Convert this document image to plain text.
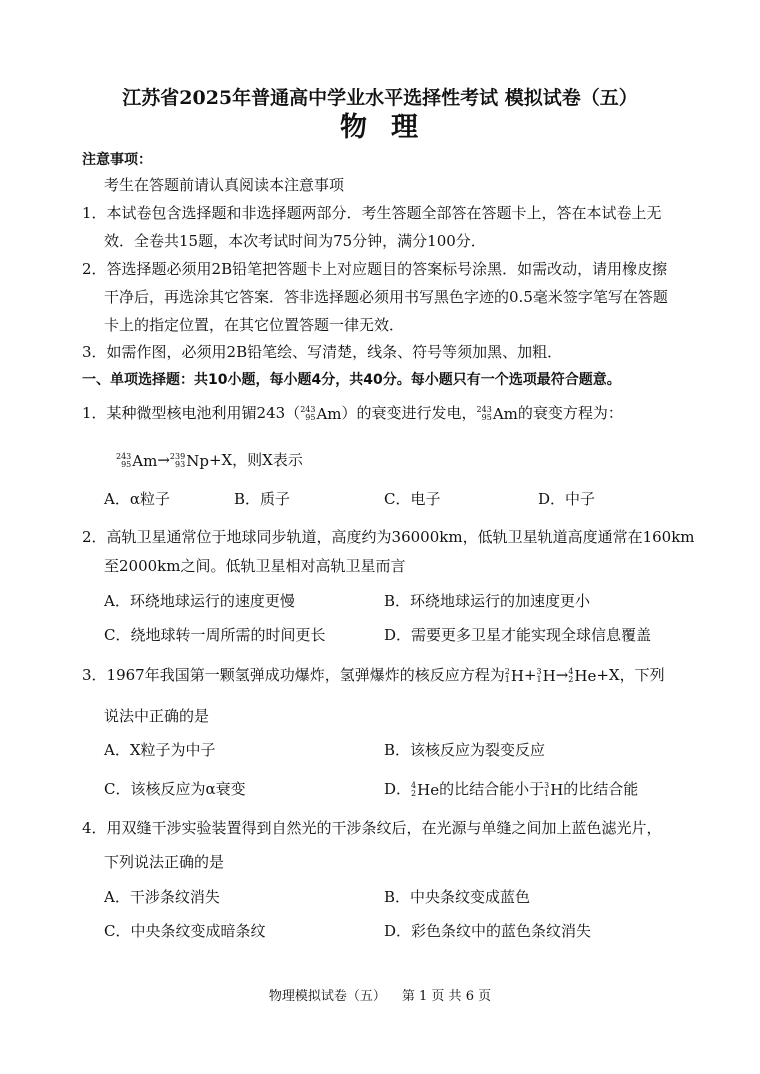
江苏省2025年普通高中学业水平选择性考试 模拟试卷（五）
物 理
注意事项：
考生在答题前请认真阅读本注意事项
1．本试卷包含选择题和非选择题两部分．考生答题全部答在答题卡上，答在本试卷上无
效．全卷共15题，本次考试时间为75分钟，满分100分．
2．答选择题必须用2B铅笔把答题卡上对应题目的答案标号涂黑．如需改动，请用橡皮擦
干净后，再选涂其它答案．答非选择题必须用书写黑色字迹的0.5毫米签字笔写在答题
卡上的指定位置，在其它位置答题一律无效．
3．如需作图，必须用2B铅笔绘、写清楚，线条、符号等须加黑、加粗．
一、单项选择题：共10小题，每小题4分，共40分。每小题只有一个选项最符合题意。
1．某种微型核电池利用镅243（ 243
95 Am ）的衰变进行发电， 243
95 Am 的衰变方程为：
243
95 Am → 239
93 Np +X，则X表示
A．α粒子	B．质子	C．电子	D．中子
2．高轨卫星通常位于地球同步轨道，高度约为36000km，低轨卫星轨道高度通常在160km
至2000km之间。低轨卫星相对高轨卫星而言
A．环绕地球运行的速度更慢	B．环绕地球运行的加速度更小
C．绕地球转一周所需的时间更长	D．需要更多卫星才能实现全球信息覆盖
3．1967年我国第一颗氢弹成功爆炸，氢弹爆炸的核反应方程为 2
1 H + 3
1 H → 4
2 He +X，下列
说法中正确的是
A．X粒子为中子	B．该核反应为裂变反应
C．该核反应为α衰变	D． 4
2 He 的比结合能小于 3
1 H 的比结合能
4．用双缝干涉实验装置得到自然光的干涉条纹后，在光源与单缝之间加上蓝色滤光片，
下列说法正确的是
A．干涉条纹消失	B．中央条纹变成蓝色
C．中央条纹变成暗条纹	D．彩色条纹中的蓝色条纹消失
物理模拟试卷（五） 第 1 页 共 6 页
